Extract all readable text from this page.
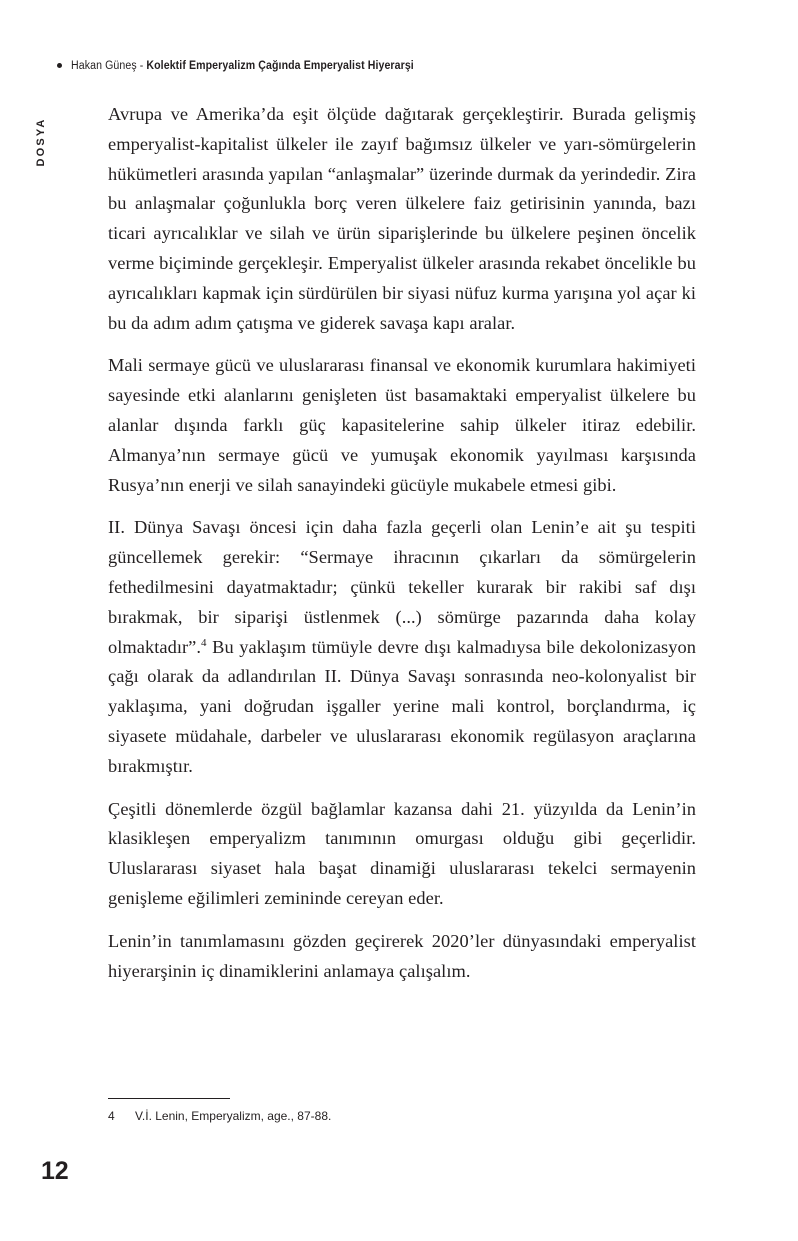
Hakan Güneş - Kolektif Emperyalizm Çağında Emperyalist Hiyerarşi
DOSYA

Avrupa ve Amerika’da eşit ölçüde dağıtarak gerçekleştirir. Burada gelişmiş emperyalist-kapitalist ülkeler ile zayıf bağımsız ülkeler ve yarı-sömürgelerin hükümetleri arasında yapılan “anlaşmalar” üzerinde durmak da yerindedir. Zira bu anlaşmalar çoğunlukla borç veren ülkelere faiz getirisinin yanında, bazı ticari ayrıcalıklar ve silah ve ürün siparişlerinde bu ülkelere peşinen öncelik verme biçiminde gerçekleşir. Emperyalist ülkeler arasında rekabet öncelikle bu ayrıcalıkları kapmak için sürdürülen bir siyasi nüfuz kurma yarışına yol açar ki bu da adım adım çatışma ve giderek savaşa kapı aralar.

Mali sermaye gücü ve uluslararası finansal ve ekonomik kurumlara hakimiyeti sayesinde etki alanlarını genişleten üst basamaktaki emperyalist ülkelere bu alanlar dışında farklı güç kapasitelerine sahip ülkeler itiraz edebilir. Almanya’nın sermaye gücü ve yumuşak ekonomik yayılması karşısında Rusya’nın enerji ve silah sanayindeki gücüyle mukabele etmesi gibi.

II. Dünya Savaşı öncesi için daha fazla geçerli olan Lenin’e ait şu tespiti güncellemek gerekir: “Sermaye ihracının çıkarları da sömürgelerin fethedilmesini dayatmaktadır; çünkü tekeller kurarak bir rakibi saf dışı bırakmak, bir siparişi üstlenmek (...) sömürge pazarında daha kolay olmaktadır”.$^4$ Bu yaklaşım tümüyle devre dışı kalmadıysa bile dekolonizasyon çağı olarak da adlandırılan II. Dünya Savaşı sonrasında neo-kolonyalist bir yaklaşıma, yani doğrudan işgaller yerine mali kontrol, borçlandırma, iç siyasete müdahale, darbeler ve uluslararası ekonomik regülasyon araçlarına bırakmıştır.

Çeşitli dönemlerde özgül bağlamlar kazansa dahi 21. yüzyılda da Lenin’in klasikleşen emperyalizm tanımının omurgası olduğu gibi geçerlidir. Uluslararası siyaset hala başat dinamiği uluslararası tekelci sermayenin genişleme eğilimleri zemininde cereyan eder.

Lenin’in tanımlamasını gözden geçirerek 2020’ler dünyasındaki emperyalist hiyerarşinin iç dinamiklerini anlamaya çalışalım.

4	V.İ. Lenin, Emperyalizm, age., 87-88.
12
